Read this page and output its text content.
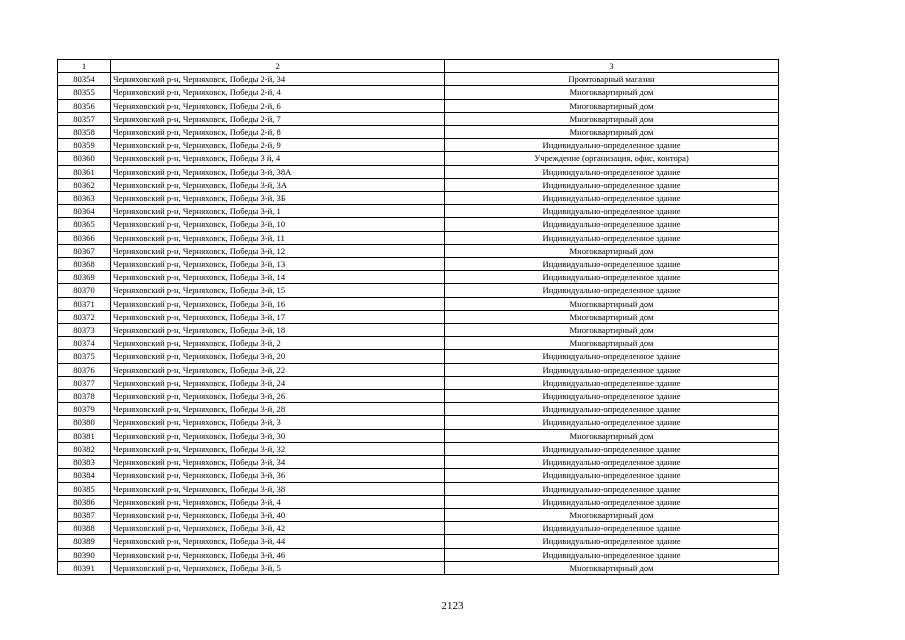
1	2	3
80354	Черняховский р-н, Черняховск, Победы 2-й, 34	Промтоварный магазин
80355	Черняховский р-н, Черняховск, Победы 2-й, 4	Многоквартирный дом
80356	Черняховский р-н, Черняховск, Победы 2-й, 6	Многоквартирный дом
80357	Черняховский р-н, Черняховск, Победы 2-й, 7	Многоквартирный дом
80358	Черняховский р-н, Черняховск, Победы 2-й, 8	Многоквартирный дом
80359	Черняховский р-н, Черняховск, Победы 2-й, 9	Индивидуально-определенное здание
80360	Черняховский р-н, Черняховск, Победы 3 й, 4	Учреждение (организация, офис, контора)
80361	Черняховский р-н, Черняховск, Победы 3-й, 38А	Индивидуально-определенное здание
80362	Черняховский р-н, Черняховск, Победы 3-й, 3А	Индивидуально-определенное здание
80363	Черняховский р-н, Черняховск, Победы 3-й, 3Б	Индивидуально-определенное здание
80364	Черняховский р-н, Черняховск, Победы 3-й, 1	Индивидуально-определенное здание
80365	Черняховский р-н, Черняховск, Победы 3-й, 10	Индивидуально-определенное здание
80366	Черняховский р-н, Черняховск, Победы 3-й, 11	Индивидуально-определенное здание
80367	Черняховский р-н, Черняховск, Победы 3-й, 12	Многоквартирный дом
80368	Черняховский р-н, Черняховск, Победы 3-й, 13	Индивидуально-определенное здание
80369	Черняховский р-н, Черняховск, Победы 3-й, 14	Индивидуально-определенное здание
80370	Черняховский р-н, Черняховск, Победы 3-й, 15	Индивидуально-определенное здание
80371	Черняховский р-н, Черняховск, Победы 3-й, 16	Многоквартирный дом
80372	Черняховский р-н, Черняховск, Победы 3-й, 17	Многоквартирный дом
80373	Черняховский р-н, Черняховск, Победы 3-й, 18	Многоквартирный дом
80374	Черняховский р-н, Черняховск, Победы 3-й, 2	Многоквартирный дом
80375	Черняховский р-н, Черняховск, Победы 3-й, 20	Индивидуально-определенное здание
80376	Черняховский р-н, Черняховск, Победы 3-й, 22	Индивидуально-определенное здание
80377	Черняховский р-н, Черняховск, Победы 3-й, 24	Индивидуально-определенное здание
80378	Черняховский р-н, Черняховск, Победы 3-й, 26	Индивидуально-определенное здание
80379	Черняховский р-н, Черняховск, Победы 3-й, 28	Индивидуально-определенное здание
80380	Черняховский р-н, Черняховск, Победы 3-й, 3	Индивидуально-определенное здание
80381	Черняховский р-н, Черняховск, Победы 3-й, 30	Многоквартирный дом
80382	Черняховский р-н, Черняховск, Победы 3-й, 32	Индивидуально-определенное здание
80383	Черняховский р-н, Черняховск, Победы 3-й, 34	Индивидуально-определенное здание
80384	Черняховский р-н, Черняховск, Победы 3-й, 36	Индивидуально-определенное здание
80385	Черняховский р-н, Черняховск, Победы 3-й, 38	Индивидуально-определенное здание
80386	Черняховский р-н, Черняховск, Победы 3-й, 4	Индивидуально-определенное здание
80387	Черняховский р-н, Черняховск, Победы 3-й, 40	Многоквартирный дом
80388	Черняховский р-н, Черняховск, Победы 3-й, 42	Индивидуально-определенное здание
80389	Черняховский р-н, Черняховск, Победы 3-й, 44	Индивидуально-определенное здание
80390	Черняховский р-н, Черняховск, Победы 3-й, 46	Индивидуально-определенное здание
80391	Черняховский р-н, Черняховск, Победы 3-й, 5	Многоквартирный дом
2123
